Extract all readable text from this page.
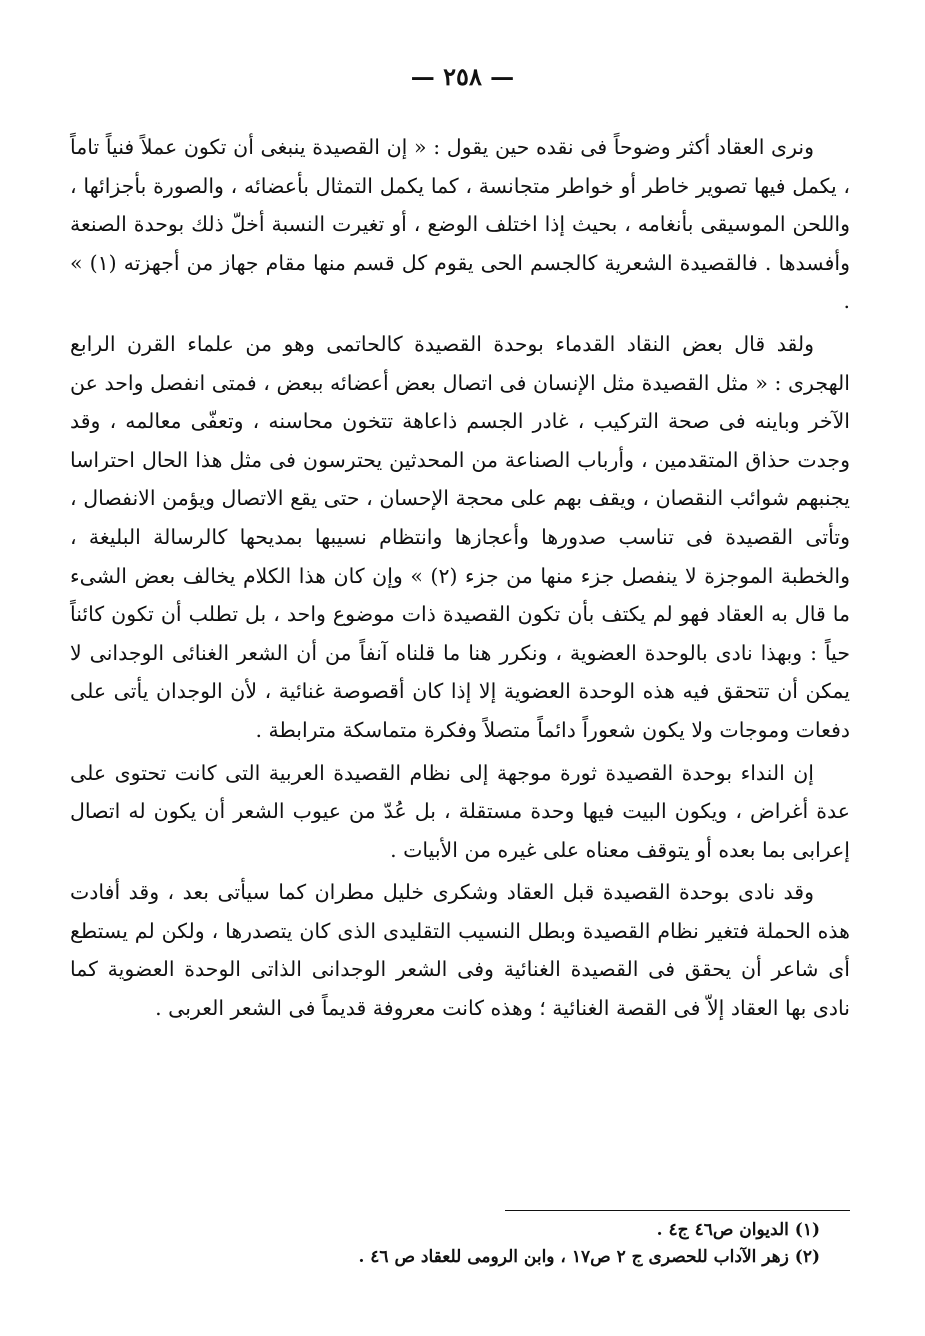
— ٢٥٨ —

ونرى العقاد أكثر وضوحاً فى نقده حين يقول : « إن القصيدة ينبغى أن تكون عملاً فنياً تاماً ، يكمل فيها تصوير خاطر أو خواطر متجانسة ، كما يكمل التمثال بأعضائه ، والصورة بأجزائها ، واللحن الموسيقى بأنغامه ، بحيث إذا اختلف الوضع ، أو تغيرت النسبة أخلّ ذلك بوحدة الصنعة وأفسدها . فالقصيدة الشعرية كالجسم الحى يقوم كل قسم منها مقام جهاز من أجهزته (١) » .

ولقد قال بعض النقاد القدماء بوحدة القصيدة كالحاتمى وهو من علماء القرن الرابع الهجرى : « مثل القصيدة مثل الإنسان فى اتصال بعض أعضائه ببعض ، فمتى انفصل واحد عن الآخر وباينه فى صحة التركيب ، غادر الجسم ذاعاهة تتخون محاسنه ، وتعفّى معالمه ، وقد وجدت حذاق المتقدمين ، وأرباب الصناعة من المحدثين يحترسون فى مثل هذا الحال احتراسا يجنبهم شوائب النقصان ، ويقف بهم على محجة الإحسان ، حتى يقع الاتصال ويؤمن الانفصال ، وتأتى القصيدة فى تناسب صدورها وأعجازها وانتظام نسيبها بمديحها كالرسالة البليغة ، والخطبة الموجزة لا ينفصل جزء منها من جزء (٢) » وإن كان هذا الكلام يخالف بعض الشىء ما قال به العقاد فهو لم يكتف بأن تكون القصيدة ذات موضوع واحد ، بل تطلب أن تكون كائناً حياً : وبهذا نادى بالوحدة العضوية ، ونكرر هنا ما قلناه آنفاً من أن الشعر الغنائى الوجدانى لا يمكن أن تتحقق فيه هذه الوحدة العضوية إلا إذا كان أقصوصة غنائية ، لأن الوجدان يأتى على دفعات وموجات ولا يكون شعوراً دائماً متصلاً وفكرة متماسكة مترابطة .

إن النداء بوحدة القصيدة ثورة موجهة إلى نظام القصيدة العربية التى كانت تحتوى على عدة أغراض ، ويكون البيت فيها وحدة مستقلة ، بل عُدّ من عيوب الشعر أن يكون له اتصال إعرابى بما بعده أو يتوقف معناه على غيره من الأبيات .

وقد نادى بوحدة القصيدة قبل العقاد وشكرى خليل مطران كما سيأتى بعد ، وقد أفادت هذه الحملة فتغير نظام القصيدة وبطل النسيب التقليدى الذى كان يتصدرها ، ولكن لم يستطع أى شاعر أن يحقق فى القصيدة الغنائية وفى الشعر الوجدانى الذاتى الوحدة العضوية كما نادى بها العقاد إلاّ فى القصة الغنائية ؛ وهذه كانت معروفة قديماً فى الشعر العربى .

(١) الديوان ص٤٦ ج٤ .
(٢) زهر الآداب للحصرى ج ٢ ص١٧ ، وابن الرومى للعقاد ص ٤٦ .
